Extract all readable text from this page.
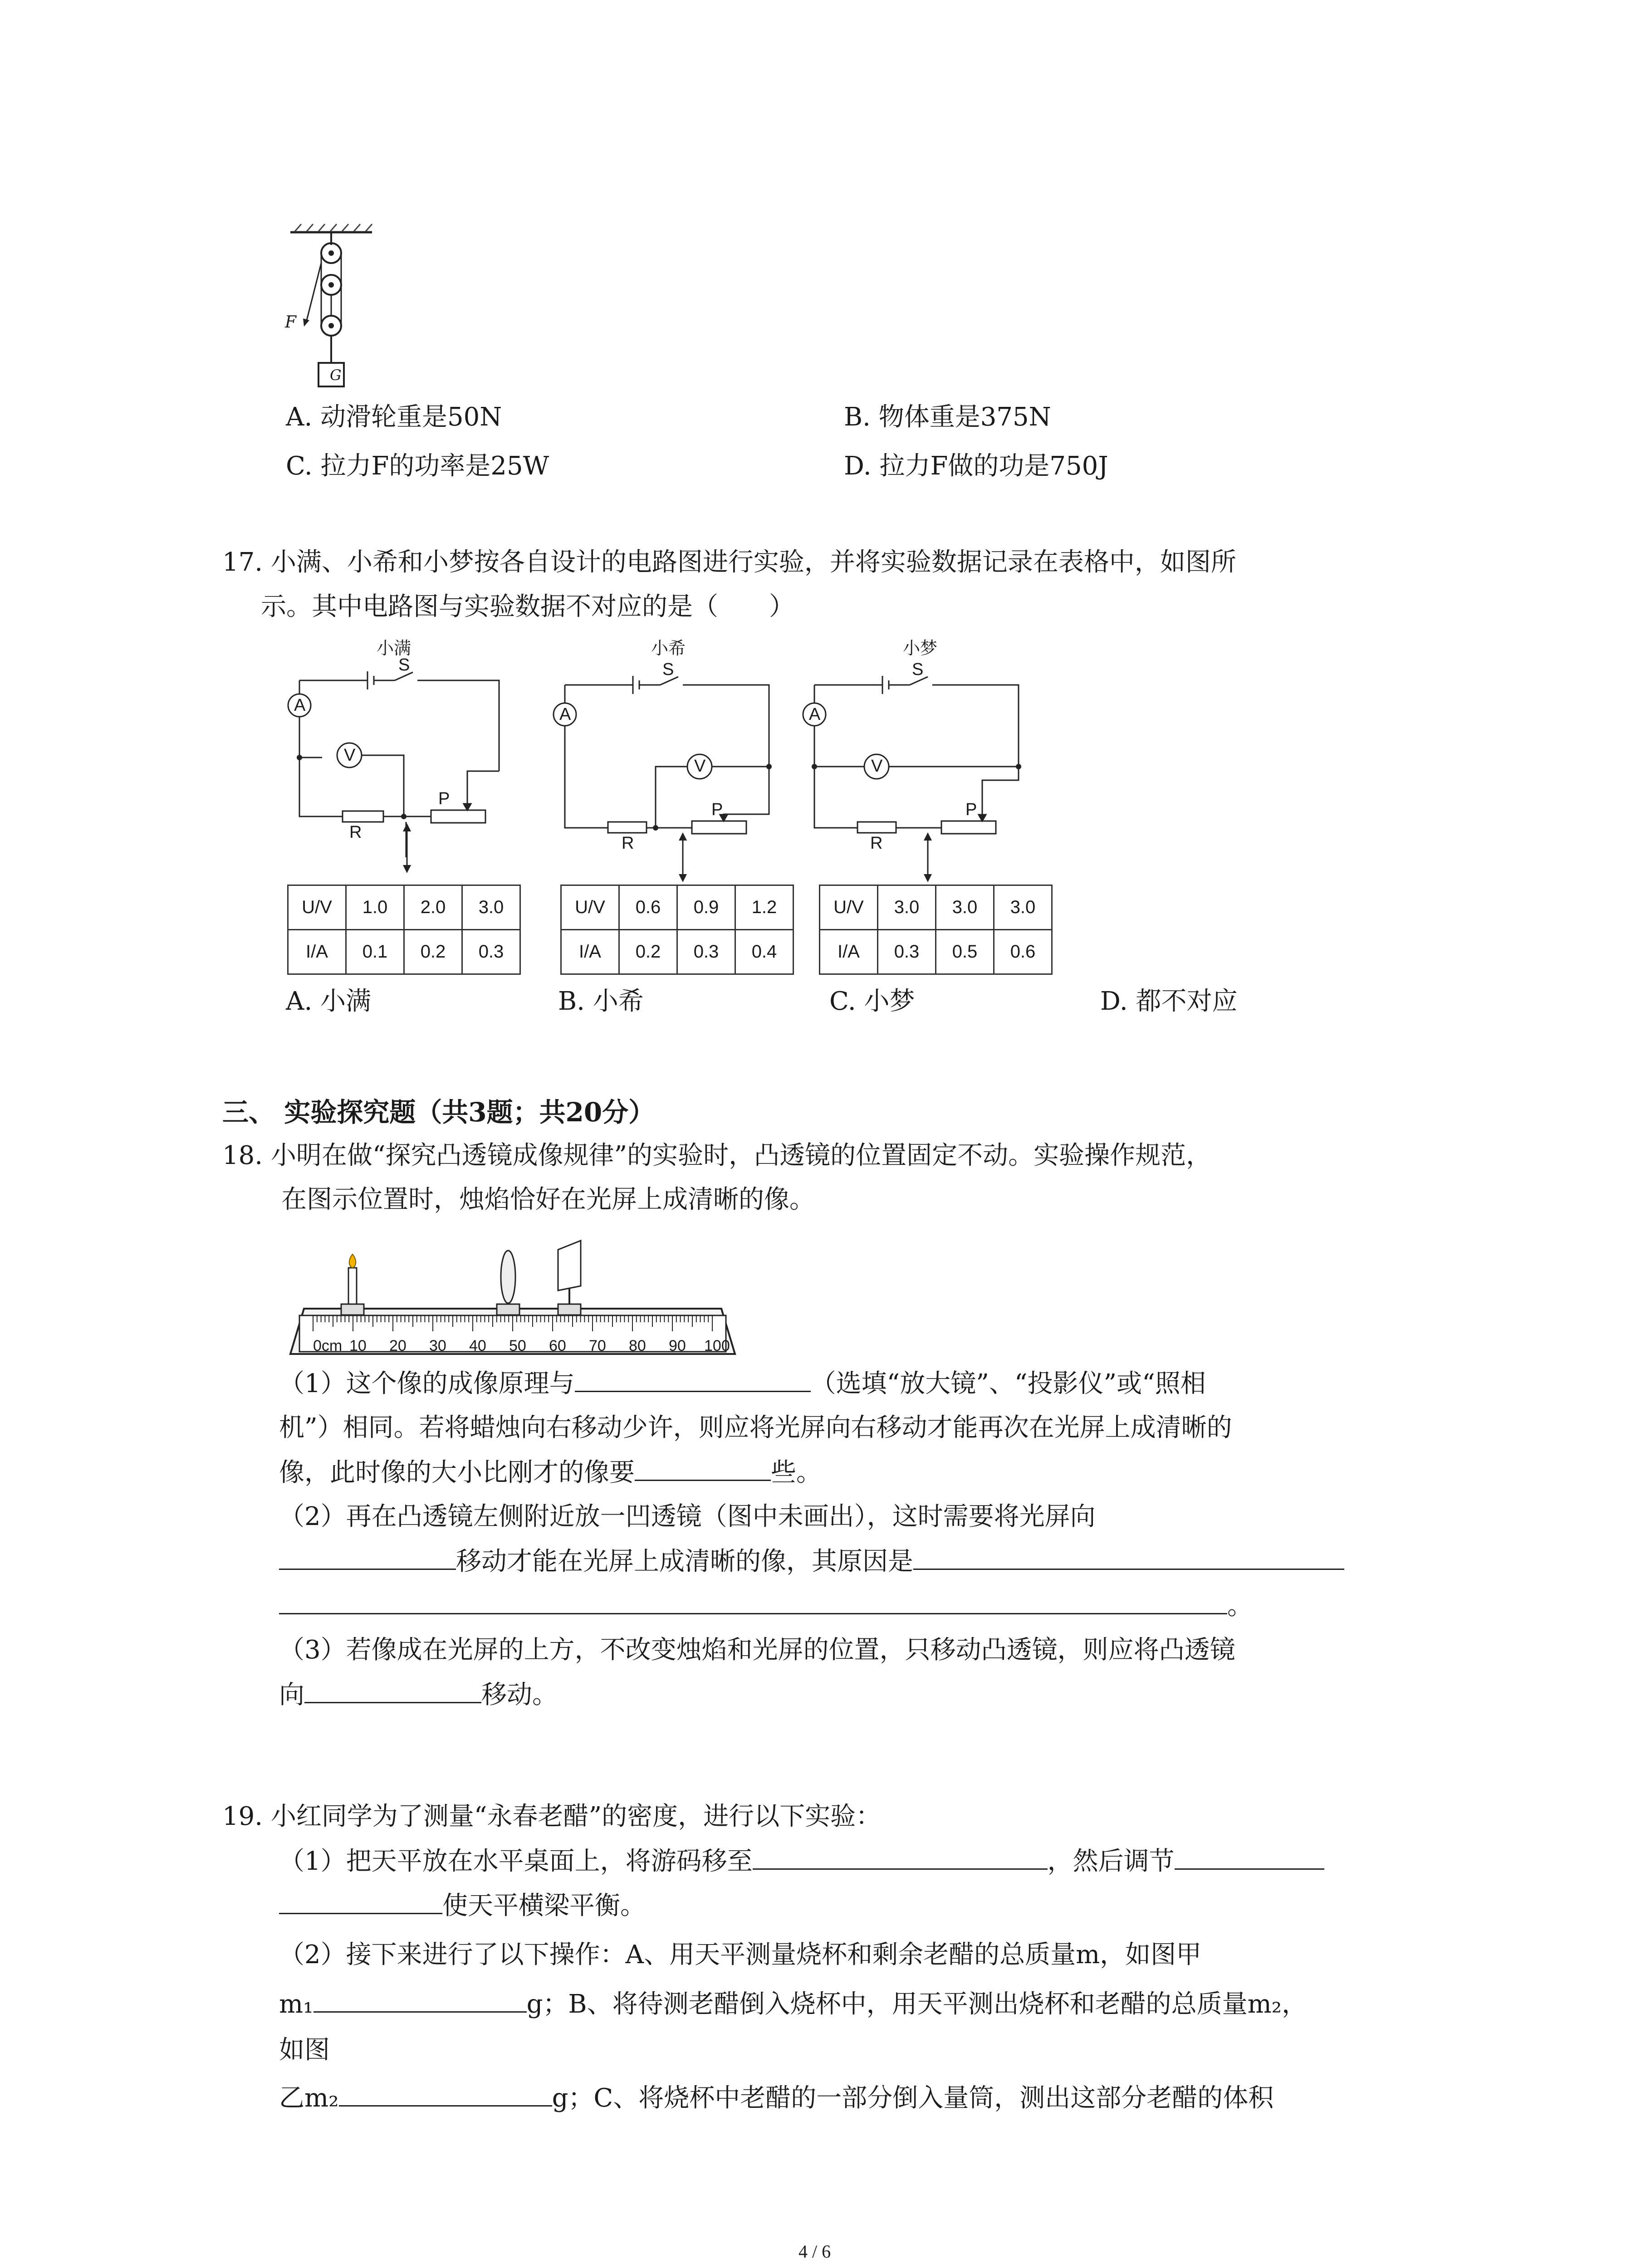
F
G
A. 动滑轮重是50N	B. 物体重是375N
C. 拉力F的功率是25W	D. 拉力F做的功是750J
17. 小满、小希和小梦按各自设计的电路图进行实验，并将实验数据记录在表格中，如图所
示。其中电路图与实验数据不对应的是（　　）
小满
A
V
S
R
P
U/V	1.0	2.0	3.0
I/A	0.1	0.2	0.3
小希
A
V
S
R
P
U/V	0.6	0.9	1.2
I/A	0.2	0.3	0.4
小梦
A
V
S
R
P
U/V	3.0	3.0	3.0
I/A	0.3	0.5	0.6
A. 小满	B. 小希	C. 小梦	D. 都不对应
三、 实验探究题（共3题；共20分）
18. 小明在做“探究凸透镜成像规律”的实验时，凸透镜的位置固定不动。实验操作规范，
在图示位置时，烛焰恰好在光屏上成清晰的像。
0cm 10 20 30 40 50 60 70 80 90 100
（1）这个像的成像原理与	（选填“放大镜”、“投影仪”或“照相
机”）相同。若将蜡烛向右移动少许，则应将光屏向右移动才能再次在光屏上成清晰的
像，此时像的大小比刚才的像要	些。
（2）再在凸透镜左侧附近放一凹透镜（图中未画出），这时需要将光屏向
移动才能在光屏上成清晰的像，其原因是
。
（3）若像成在光屏的上方，不改变烛焰和光屏的位置，只移动凸透镜，则应将凸透镜
向	移动。
19. 小红同学为了测量“永春老醋”的密度，进行以下实验：
（1）把天平放在水平桌面上，将游码移至	，然后调节
使天平横梁平衡。
（2）接下来进行了以下操作：A、用天平测量烧杯和剩余老醋的总质量m，如图甲
m₁	g；B、将待测老醋倒入烧杯中，用天平测出烧杯和老醋的总质量m₂，
如图
乙m₂	g；C、将烧杯中老醋的一部分倒入量筒，测出这部分老醋的体积
4 / 6
